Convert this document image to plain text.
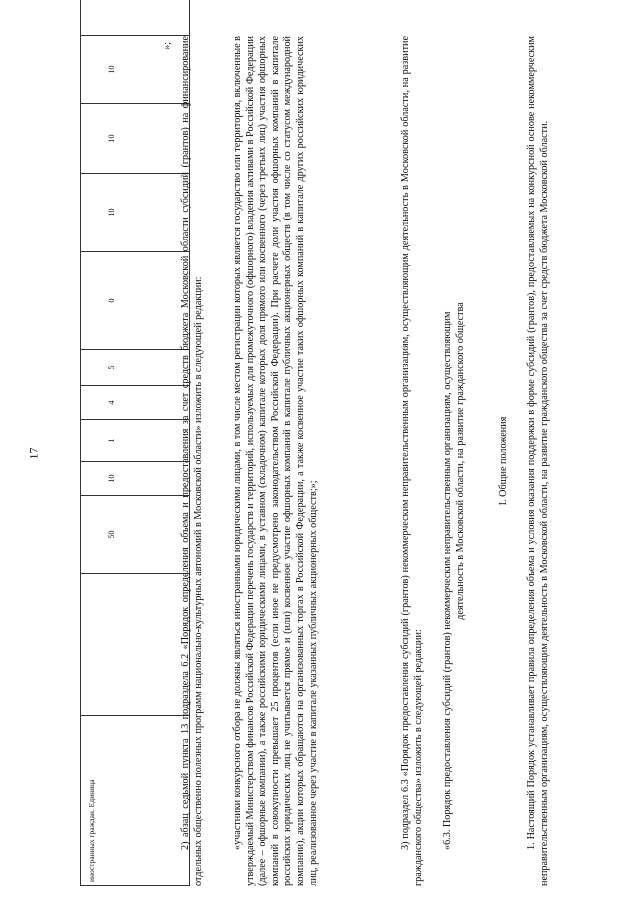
17
иностранных граждан. Единица		50	10	1	4	5	0	10	10	10	
»; 2) абзац седьмой пункта 13 подраздела 6.2 «Порядок определения объема и предоставления за счет средств бюджета Московской области субсидий (грантов) на финансирование отдельных общественно полезных программ национально-культурных автономий в Московской области» изложить в следующей редакции:	«участники конкурсного отбора не должны являться иностранными юридическими лицами, в том числе местом регистрации которых является государство или территория, включенные в утверждаемый Министерством финансов Российской Федерации перечень государств и территорий, используемых для промежуточного (офшорного) владения активами в Российской Федерации (далее – офшорные компании), а также российскими юридическими лицами, в уставном (складочном) капитале которых доля прямого или косвенного (через третьих лиц) участия офшорных компаний в совокупности превышает 25 процентов (если иное не предусмотрено законодательством Российской Федерации). При расчете доли участия офшорных компаний в капитале российских юридических лиц не учитывается прямое и (или) косвенное участие офшорных компаний в капитале публичных акционерных обществ (в том числе со статусом международной компании), акции которых обращаются на организованных торгах в Российской Федерации, а также косвенное участие таких офшорных компаний в капитале других российских юридических лиц, реализованное через участие в капитале указанных публичных акционерных обществ;»;	3) подраздел 6.3 «Порядок предоставления субсидий (грантов) некоммерческим неправительственным организациям, осуществляющим деятельность в Московской области, на развитие гражданского общества» изложить в следующей редакции: «6.3. Порядок предоставления субсидий (грантов) некоммерческим неправительственным организациям, осуществляющим деятельность в Московской области, на развитие гражданского общества	I. Общие положения 1. Настоящий Порядок устанавливает правила определения объема и условия оказания поддержки в форме субсидий (грантов), предоставляемых на конкурсной основе некоммерческим неправительственным организациям, осуществляющим деятельность в Московской области, на развитие гражданского общества за счет средств бюджета Московской области.
